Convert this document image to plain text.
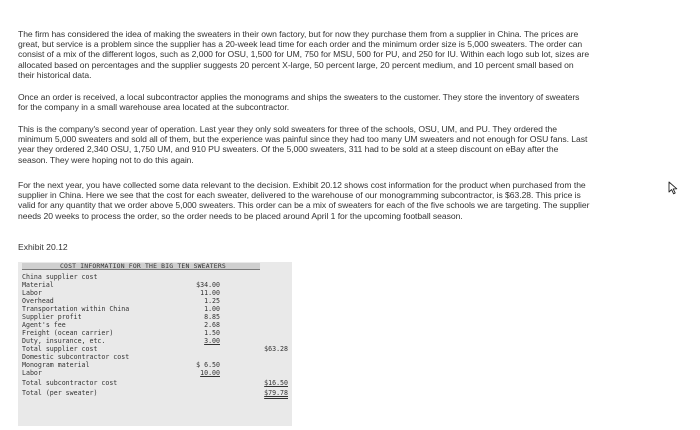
The firm has considered the idea of making the sweaters in their own factory, but for now they purchase them from a supplier in China. The prices are great, but service is a problem since the supplier has a 20-week lead time for each order and the minimum order size is 5,000 sweaters. The order can consist of a mix of the different logos, such as 2,000 for OSU, 1,500 for UM, 750 for MSU, 500 for PU, and 250 for IU. Within each logo sub lot, sizes are allocated based on percentages and the supplier suggests 20 percent X-large, 50 percent large, 20 percent medium, and 10 percent small based on their historical data.

Once an order is received, a local subcontractor applies the monograms and ships the sweaters to the customer. They store the inventory of sweaters for the company in a small warehouse area located at the subcontractor.

This is the company's second year of operation. Last year they only sold sweaters for three of the schools, OSU, UM, and PU. They ordered the minimum 5,000 sweaters and sold all of them, but the experience was painful since they had too many UM sweaters and not enough for OSU fans. Last year they ordered 2,340 OSU, 1,750 UM, and 910 PU sweaters. Of the 5,000 sweaters, 311 had to be sold at a steep discount on eBay after the season. They were hoping not to do this again.

For the next year, you have collected some data relevant to the decision. Exhibit 20.12 shows cost information for the product when purchased from the supplier in China. Here we see that the cost for each sweater, delivered to the warehouse of our monogramming subcontractor, is $63.28. This price is valid for any quantity that we order above 5,000 sweaters. This order can be a mix of sweaters for each of the five schools we are targeting. The supplier needs 20 weeks to process the order, so the order needs to be placed around April 1 for the upcoming football season.

Exhibit 20.12
COST INFORMATION FOR THE BIG TEN SWEATERS
China supplier cost
Material	$34.00
Labor	11.00
Overhead	1.25
Transportation within China	1.00
Supplier profit	8.85
Agent's fee	2.68
Freight (ocean carrier)	1.50
Duty, insurance, etc.	3.00
Total supplier cost	$63.28
Domestic subcontractor cost
Monogram material	$ 6.50
Labor	10.00
Total subcontractor cost	$16.50
Total (per sweater)	$79.78
